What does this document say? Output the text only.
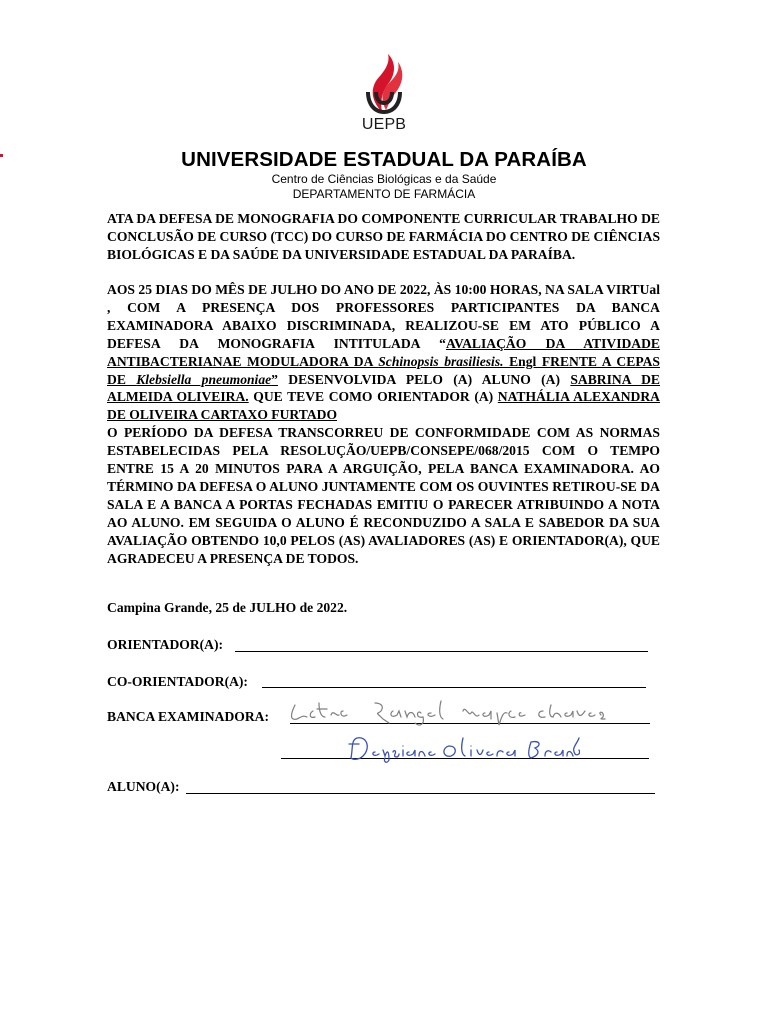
UEPB
UNIVERSIDADE ESTADUAL DA PARAÍBA
Centro de Ciências Biológicas e da Saúde
DEPARTAMENTO DE FARMÁCIA
ATA DA DEFESA DE MONOGRAFIA DO COMPONENTE CURRICULAR TRABALHO DE CONCLUSÃO DE CURSO (TCC) DO CURSO DE FARMÁCIA DO CENTRO DE CIÊNCIAS BIOLÓGICAS E DA SAÚDE DA UNIVERSIDADE ESTADUAL DA PARAÍBA.

AOS 25 DIAS DO MÊS DE JULHO DO ANO DE 2022, ÀS 10:00 HORAS, NA SALA VIRTUal , COM A PRESENÇA DOS PROFESSORES PARTICIPANTES DA BANCA EXAMINADORA ABAIXO DISCRIMINADA, REALIZOU-SE EM ATO PÚBLICO A DEFESA DA MONOGRAFIA INTITULADA “AVALIAÇÃO DA ATIVIDADE ANTIBACTERIANAE MODULADORA DA Schinopsis brasiliesis. Engl FRENTE A CEPAS DE Klebsiella pneumoniae” DESENVOLVIDA PELO (A) ALUNO (A) SABRINA DE ALMEIDA OLIVEIRA. QUE TEVE COMO ORIENTADOR (A) NATHÁLIA ALEXANDRA DE OLIVEIRA CARTAXO FURTADO

O PERÍODO DA DEFESA TRANSCORREU DE CONFORMIDADE COM AS NORMAS ESTABELECIDAS PELA RESOLUÇÃO/UEPB/CONSEPE/068/2015 COM O TEMPO ENTRE 15 A 20 MINUTOS PARA A ARGUIÇÃO, PELA BANCA EXAMINADORA. AO TÉRMINO DA DEFESA O ALUNO JUNTAMENTE COM OS OUVINTES RETIROU-SE DA SALA E A BANCA A PORTAS FECHADAS EMITIU O PARECER ATRIBUINDO A NOTA AO ALUNO. EM SEGUIDA O ALUNO É RECONDUZIDO A SALA E SABEDOR DA SUA AVALIAÇÃO OBTENDO 10,0 PELOS (AS) AVALIADORES (AS) E ORIENTADOR(A), QUE AGRADECEU A PRESENÇA DE TODOS.

Campina Grande, 25 de JULHO de 2022.
ORIENTADOR(A):
CO-ORIENTADOR(A):
BANCA EXAMINADORA:
ALUNO(A):
